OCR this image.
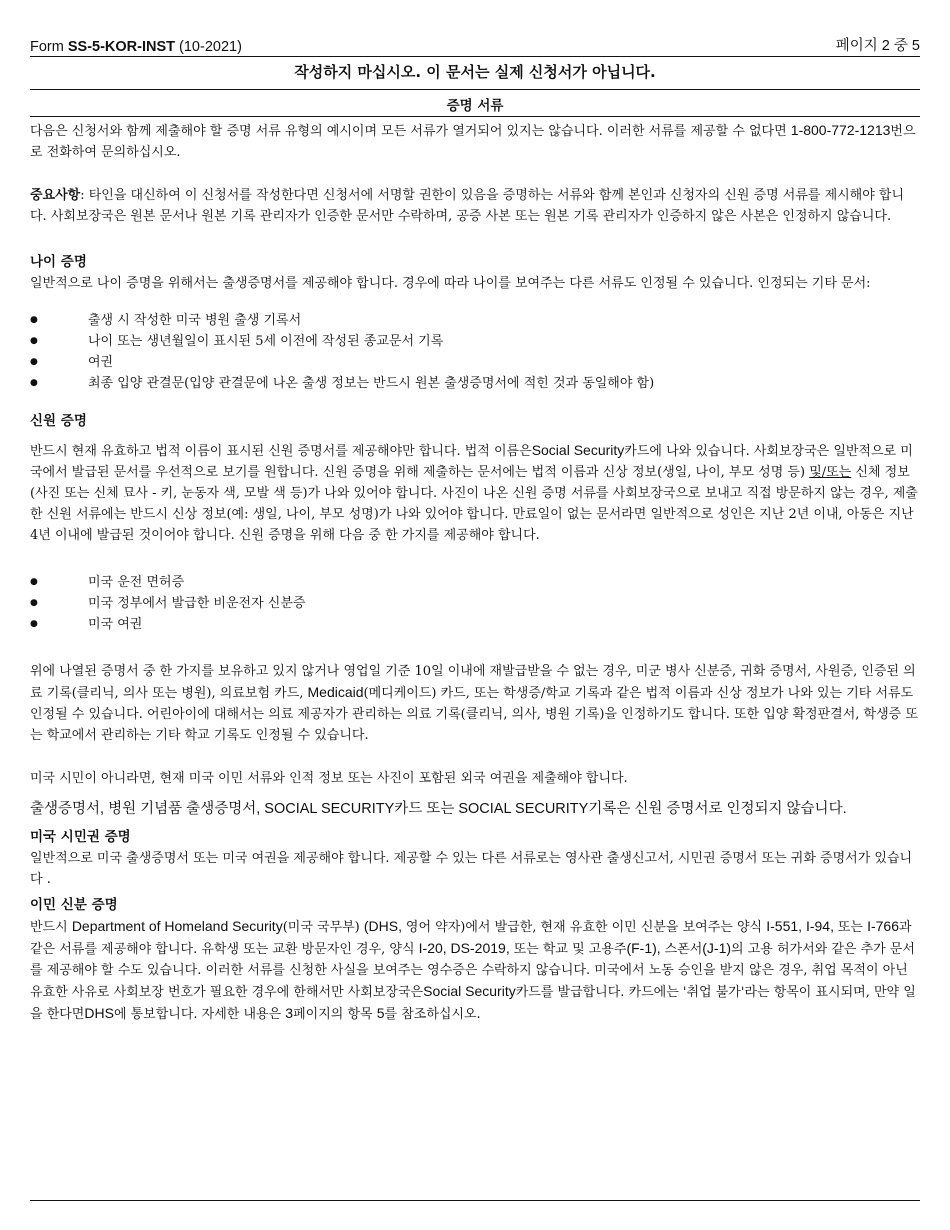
Form SS-5-KOR-INST (10-2021)	페이지 2 중 5
작성하지 마십시오. 이 문서는 실제 신청서가 아닙니다.
증명 서류

다음은 신청서와 함께 제출해야 할 증명 서류 유형의 예시이며 모든 서류가 열거되어 있지는 않습니다. 이러한 서류를 제공할 수 없다면 1-800-772-1213번으로 전화하여 문의하십시오.

중요사항: 타인을 대신하여 이 신청서를 작성한다면 신청서에 서명할 권한이 있음을 증명하는 서류와 함께 본인과 신청자의 신원 증명 서류를 제시해야 합니다. 사회보장국은 원본 문서나 원본 기록 관리자가 인증한 문서만 수락하며, 공증 사본 또는 원본 기록 관리자가 인증하지 않은 사본은 인정하지 않습니다.

나이 증명

일반적으로 나이 증명을 위해서는 출생증명서를 제공해야 합니다. 경우에 따라 나이를 보여주는 다른 서류도 인정될 수 있습니다. 인정되는 기타 문서:

● 출생 시 작성한 미국 병원 출생 기록서
● 나이 또는 생년월일이 표시된 5세 이전에 작성된 종교문서 기록
● 여권
● 최종 입양 관결문(입양 관결문에 나온 출생 정보는 반드시 원본 출생증명서에 적힌 것과 동일해야 함)

신원 증명

반드시 현재 유효하고 법적 이름이 표시된 신원 증명서를 제공해야만 합니다. 법적 이름은Social Security카드에 나와 있습니다. 사회보장국은 일반적으로 미국에서 발급된 문서를 우선적으로 보기를 원합니다. 신원 증명을 위해 제출하는 문서에는 법적 이름과 신상 정보(생일, 나이, 부모 성명 등) 및/또는 신체 정보(사진 또는 신체 묘사 - 키, 눈동자 색, 모발 색 등)가 나와 있어야 합니다. 사진이 나온 신원 증명 서류를 사회보장국으로 보내고 직접 방문하지 않는 경우, 제출한 신원 서류에는 반드시 신상 정보(예: 생일, 나이, 부모 성명)가 나와 있어야 합니다. 만료일이 없는 문서라면 일반적으로 성인은 지난 2년 이내, 아동은 지난 4년 이내에 발급된 것이어야 합니다. 신원 증명을 위해 다음 중 한 가지를 제공해야 합니다.

● 미국 운전 면허증
● 미국 정부에서 발급한 비운전자 신분증
● 미국 여권

위에 나열된 증명서 중 한 가지를 보유하고 있지 않거나 영업일 기준 10일 이내에 재발급받을 수 없는 경우, 미군 병사 신분증, 귀화 증명서, 사원증, 인증된 의료 기록(클리닉, 의사 또는 병원), 의료보험 카드, Medicaid(메디케이드) 카드, 또는 학생증/학교 기록과 같은 법적 이름과 신상 정보가 나와 있는 기타 서류도 인정될 수 있습니다. 어린아이에 대해서는 의료 제공자가 관리하는 의료 기록(클리닉, 의사, 병원 기록)을 인정하기도 합니다. 또한 입양 확정판결서, 학생증 또는 학교에서 관리하는 기타 학교 기록도 인정될 수 있습니다.

미국 시민이 아니라면, 현재 미국 이민 서류와 인적 정보 또는 사진이 포함된 외국 여권을 제출해야 합니다.

출생증명서, 병원 기념품 출생증명서, SOCIAL SECURITY카드 또는 SOCIAL SECURITY기록은 신원 증명서로 인정되지 않습니다.

미국 시민권 증명

일반적으로 미국 출생증명서 또는 미국 여권을 제공해야 합니다. 제공할 수 있는 다른 서류로는 영사관 출생신고서, 시민권 증명서 또는 귀화 증명서가 있습니다 .

이민 신분 증명

반드시 Department of Homeland Security(미국 국무부) (DHS, 영어 약자)에서 발급한, 현재 유효한 이민 신분을 보여주는 양식 I-551, I-94, 또는 I-766과 같은 서류를 제공해야 합니다. 유학생 또는 교환 방문자인 경우, 양식 I-20, DS-2019, 또는 학교 및 고용주(F-1), 스폰서(J-1)의 고용 허가서와 같은 추가 문서를 제공해야 할 수도 있습니다. 이러한 서류를 신청한 사실을 보여주는 영수증은 수락하지 않습니다. 미국에서 노동 승인을 받지 않은 경우, 취업 목적이 아닌 유효한 사유로 사회보장 번호가 필요한 경우에 한해서만 사회보장국은Social Security카드를 발급합니다. 카드에는 '취업 불가'라는 항목이 표시되며, 만약 일을 한다면DHS에 통보합니다. 자세한 내용은 3페이지의 항목 5를 참조하십시오.
